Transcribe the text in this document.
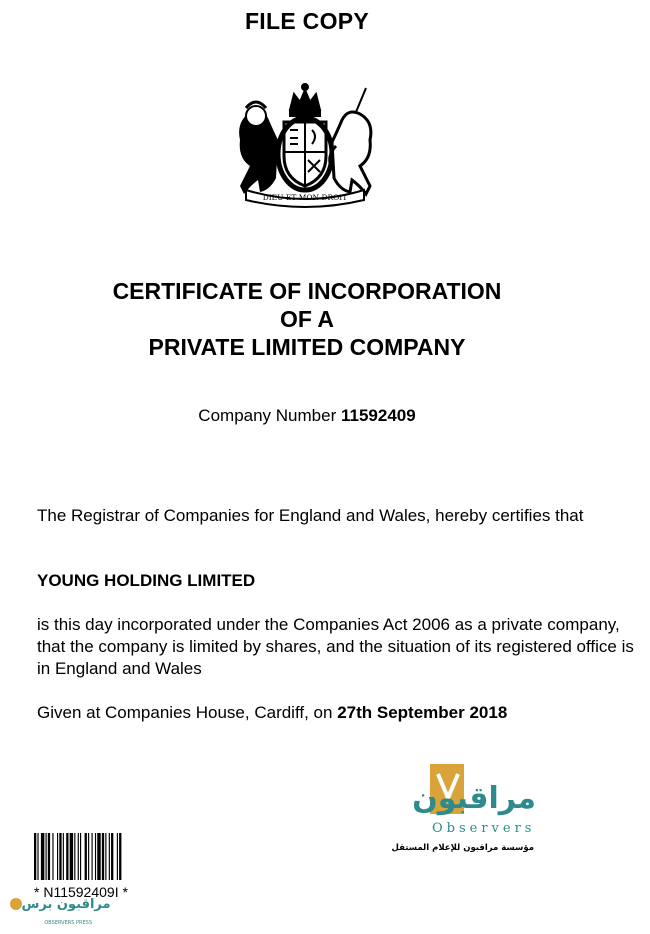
FILE COPY
DIEU ET MON DROIT
CERTIFICATE OF INCORPORATION
OF A
PRIVATE LIMITED COMPANY
Company Number 11592409
The Registrar of Companies for England and Wales, hereby certifies that
YOUNG HOLDING LIMITED
is this day incorporated under the Companies Act 2006 as a private company, that the company is limited by shares, and the situation of its registered office is in England and Wales
Given at Companies House, Cardiff, on 27th September 2018
مراقبون
Observers
مؤسسة مراقبون للإعلام المستقل
* N11592409I *
مراقبون برس
OBSERVERS PRESS
